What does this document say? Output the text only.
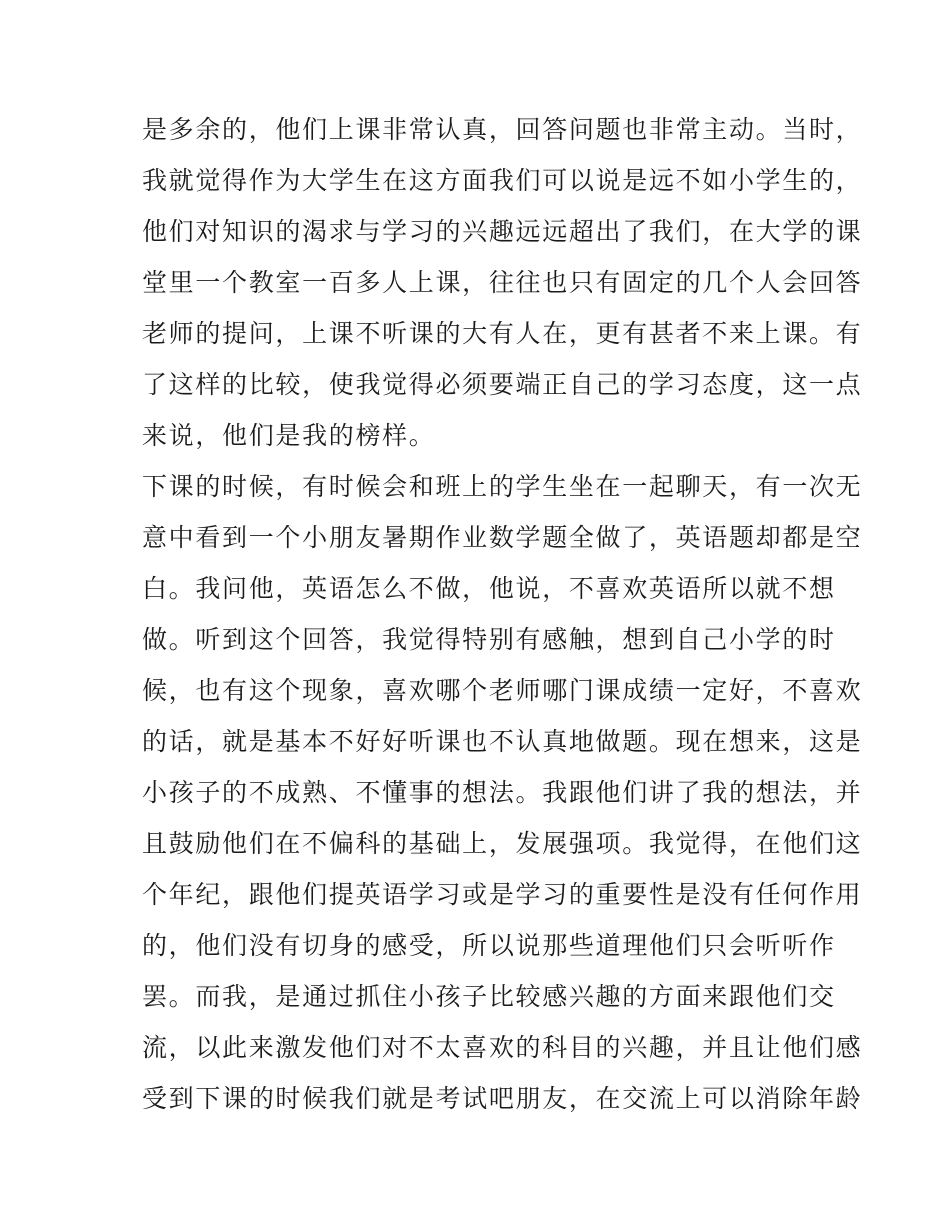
是多余的，他们上课非常认真，回答问题也非常主动。当时，
我就觉得作为大学生在这方面我们可以说是远不如小学生的，
他们对知识的渴求与学习的兴趣远远超出了我们，在大学的课
堂里一个教室一百多人上课，往往也只有固定的几个人会回答
老师的提问，上课不听课的大有人在，更有甚者不来上课。有
了这样的比较，使我觉得必须要端正自己的学习态度，这一点
来说，他们是我的榜样。
下课的时候，有时候会和班上的学生坐在一起聊天，有一次无
意中看到一个小朋友暑期作业数学题全做了，英语题却都是空
白。我问他，英语怎么不做，他说，不喜欢英语所以就不想
做。听到这个回答，我觉得特别有感触，想到自己小学的时
候，也有这个现象，喜欢哪个老师哪门课成绩一定好，不喜欢
的话，就是基本不好好听课也不认真地做题。现在想来，这是
小孩子的不成熟、不懂事的想法。我跟他们讲了我的想法，并
且鼓励他们在不偏科的基础上，发展强项。我觉得，在他们这
个年纪，跟他们提英语学习或是学习的重要性是没有任何作用
的，他们没有切身的感受，所以说那些道理他们只会听听作
罢。而我，是通过抓住小孩子比较感兴趣的方面来跟他们交
流，以此来激发他们对不太喜欢的科目的兴趣，并且让他们感
受到下课的时候我们就是考试吧朋友，在交流上可以消除年龄
